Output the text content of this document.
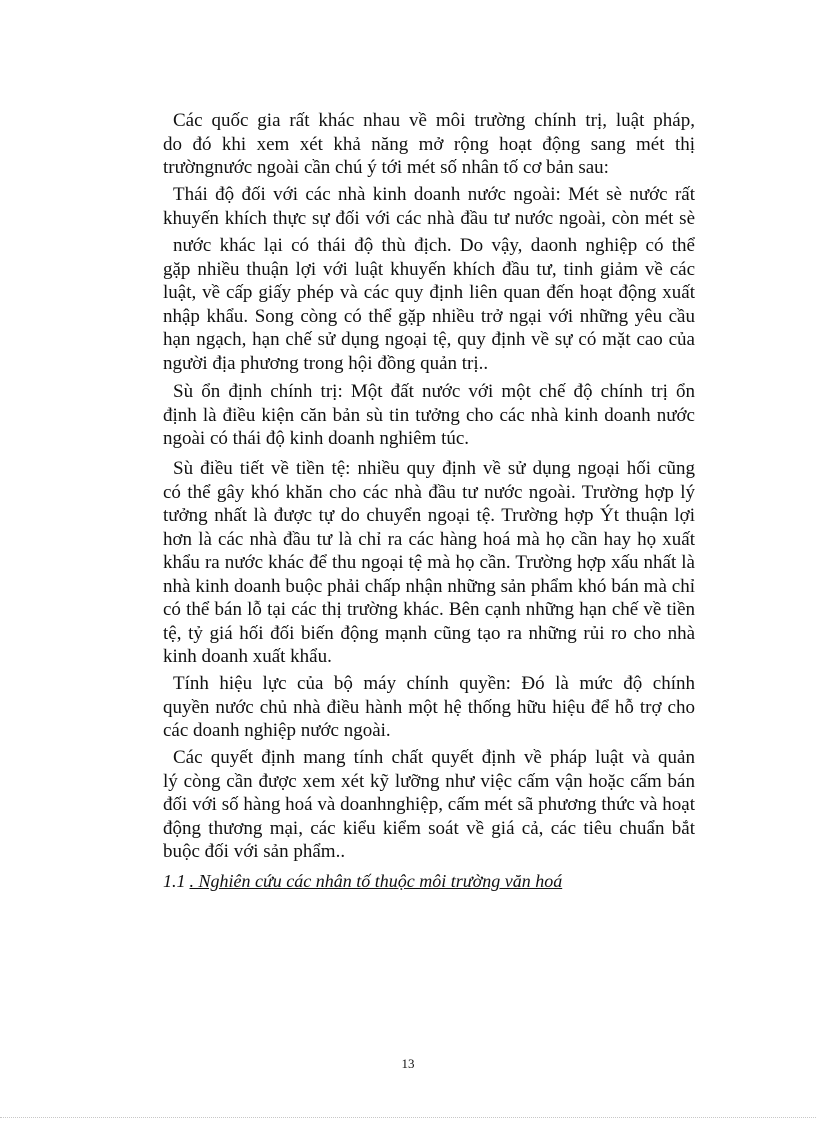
Các quốc gia rất khác nhau về môi trường chính trị, luật pháp,
do đó khi xem xét khả năng mở rộng hoạt động sang mét thị
trườngnước ngoài cần chú ý tới mét số nhân tố cơ bản sau:
Thái độ đối với các nhà kinh doanh nước ngoài: Mét sè nước rất
khuyến khích thực sự đối với các nhà đầu tư nước ngoài, còn mét sè
nước khác lại có thái độ thù địch. Do vậy, daonh nghiệp có thể
gặp nhiều thuận lợi với luật khuyến khích đầu tư, tinh giảm về các
luật, về cấp giấy phép và các quy định liên quan đến hoạt động xuất
nhập khẩu. Song còng có thể gặp nhiều trở ngại với những yêu cầu
hạn ngạch, hạn chế sử dụng ngoại tệ, quy định về sự có mặt cao của
người địa phương trong hội đồng quản trị..
Sù ổn định chính trị: Một đất nước với một chế độ chính trị ổn
định là điều kiện căn bản sù tin tưởng cho các nhà kinh doanh nước
ngoài có thái độ kinh doanh nghiêm túc.
Sù điều tiết về tiền tệ: nhiều quy định về sử dụng ngoại hối cũng
có thể gây khó khăn cho các nhà đầu tư nước ngoài. Trường hợp lý
tưởng nhất là được tự do chuyển ngoại tệ. Trường hợp Ýt thuận lợi
hơn là các nhà đầu tư là chỉ ra các hàng hoá mà họ cần hay họ xuất
khẩu ra nước khác để thu ngoại tệ mà họ cần. Trường hợp xấu nhất là
nhà kinh doanh buộc phải chấp nhận những sản phẩm khó bán mà chỉ
có thể bán lỗ tại các thị trường khác. Bên cạnh những hạn chế về tiền
tệ, tỷ giá hối đối biến động mạnh cũng tạo ra những rủi ro cho nhà
kinh doanh xuất khẩu.
Tính hiệu lực của bộ máy chính quyền: Đó là mức độ chính
quyền nước chủ nhà điều hành một hệ thống hữu hiệu để hỗ trợ cho
các doanh nghiệp nước ngoài.
Các quyết định mang tính chất quyết định về pháp luật và quản
lý còng cần được xem xét kỹ lưỡng như việc cấm vận hoặc cấm bán
đối với số hàng hoá và doanhnghiệp, cấm mét sã phương thức và hoạt
động thương mại, các kiểu kiểm soát về giá cả, các tiêu chuẩn bắt
buộc đối với sản phẩm..
1.1 . Nghiên cứu các nhân tố thuộc môi trường văn hoá
13
